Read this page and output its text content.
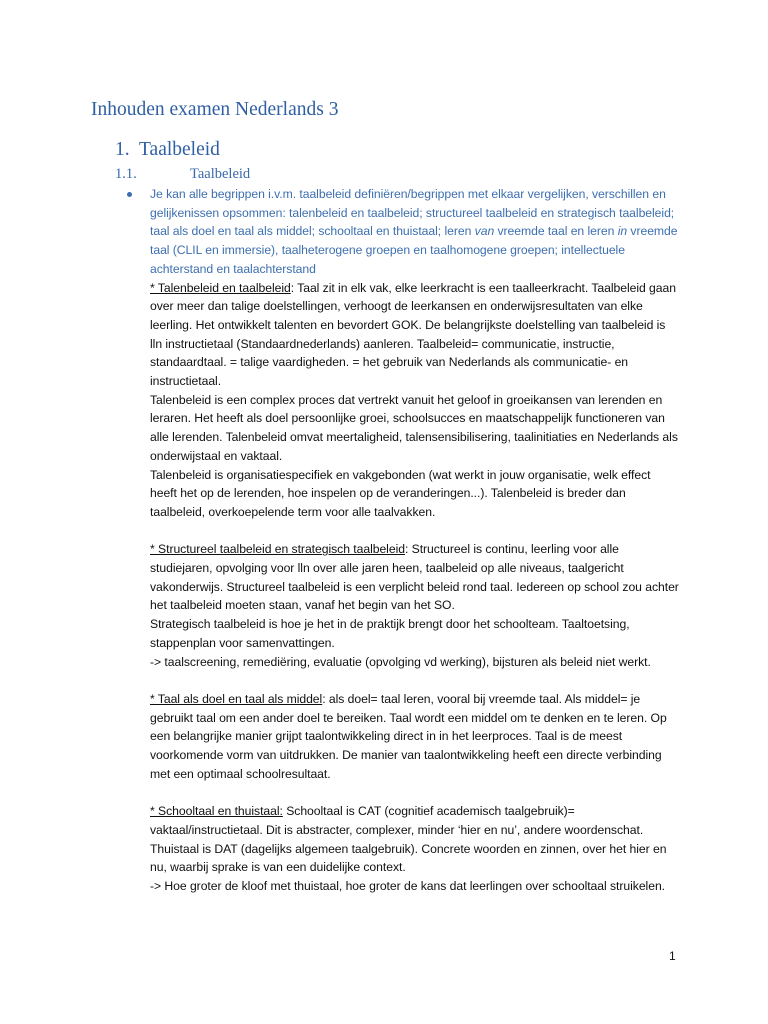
Inhouden examen Nederlands 3
1. Taalbeleid
1.1.	Taalbeleid

Je kan alle begrippen i.v.m. taalbeleid definiëren/begrippen met elkaar vergelijken, verschillen en gelijkenissen opsommen: talenbeleid en taalbeleid; structureel taalbeleid en strategisch taalbeleid; taal als doel en taal als middel; schooltaal en thuistaal; leren van vreemde taal en leren in vreemde taal (CLIL en immersie), taalheterogene groepen en taalhomogene groepen; intellectuele achterstand en taalachterstand

* Talenbeleid en taalbeleid: Taal zit in elk vak, elke leerkracht is een taalleerkracht. Taalbeleid gaan over meer dan talige doelstellingen, verhoogt de leerkansen en onderwijsresultaten van elke leerling. Het ontwikkelt talenten en bevordert GOK. De belangrijkste doelstelling van taalbeleid is lln instructietaal (Standaardnederlands) aanleren. Taalbeleid= communicatie, instructie, standaardtaal. = talige vaardigheden. = het gebruik van Nederlands als communicatie- en instructietaal.

Talenbeleid is een complex proces dat vertrekt vanuit het geloof in groeikansen van lerenden en leraren. Het heeft als doel persoonlijke groei, schoolsucces en maatschappelijk functioneren van alle lerenden. Talenbeleid omvat meertaligheid, talensensibilisering, taalinitiaties en Nederlands als onderwijstaal en vaktaal.

Talenbeleid is organisatiespecifiek en vakgebonden (wat werkt in jouw organisatie, welk effect heeft het op de lerenden, hoe inspelen op de veranderingen...). Talenbeleid is breder dan taalbeleid, overkoepelende term voor alle taalvakken.

* Structureel taalbeleid en strategisch taalbeleid: Structureel is continu, leerling voor alle studiejaren, opvolging voor lln over alle jaren heen, taalbeleid op alle niveaus, taalgericht vakonderwijs. Structureel taalbeleid is een verplicht beleid rond taal. Iedereen op school zou achter het taalbeleid moeten staan, vanaf het begin van het SO.

Strategisch taalbeleid is hoe je het in de praktijk brengt door het schoolteam. Taaltoetsing, stappenplan voor samenvattingen.

-> taalscreening, remediëring, evaluatie (opvolging vd werking), bijsturen als beleid niet werkt.

* Taal als doel en taal als middel: als doel= taal leren, vooral bij vreemde taal. Als middel= je gebruikt taal om een ander doel te bereiken. Taal wordt een middel om te denken en te leren. Op een belangrijke manier grijpt taalontwikkeling direct in in het leerproces. Taal is de meest voorkomende vorm van uitdrukken. De manier van taalontwikkeling heeft een directe verbinding met een optimaal schoolresultaat.

* Schooltaal en thuistaal: Schooltaal is CAT (cognitief academisch taalgebruik)= vaktaal/instructietaal. Dit is abstracter, complexer, minder ‘hier en nu’, andere woordenschat. Thuistaal is DAT (dagelijks algemeen taalgebruik). Concrete woorden en zinnen, over het hier en nu, waarbij sprake is van een duidelijke context.

-> Hoe groter de kloof met thuistaal, hoe groter de kans dat leerlingen over schooltaal struikelen.

1
